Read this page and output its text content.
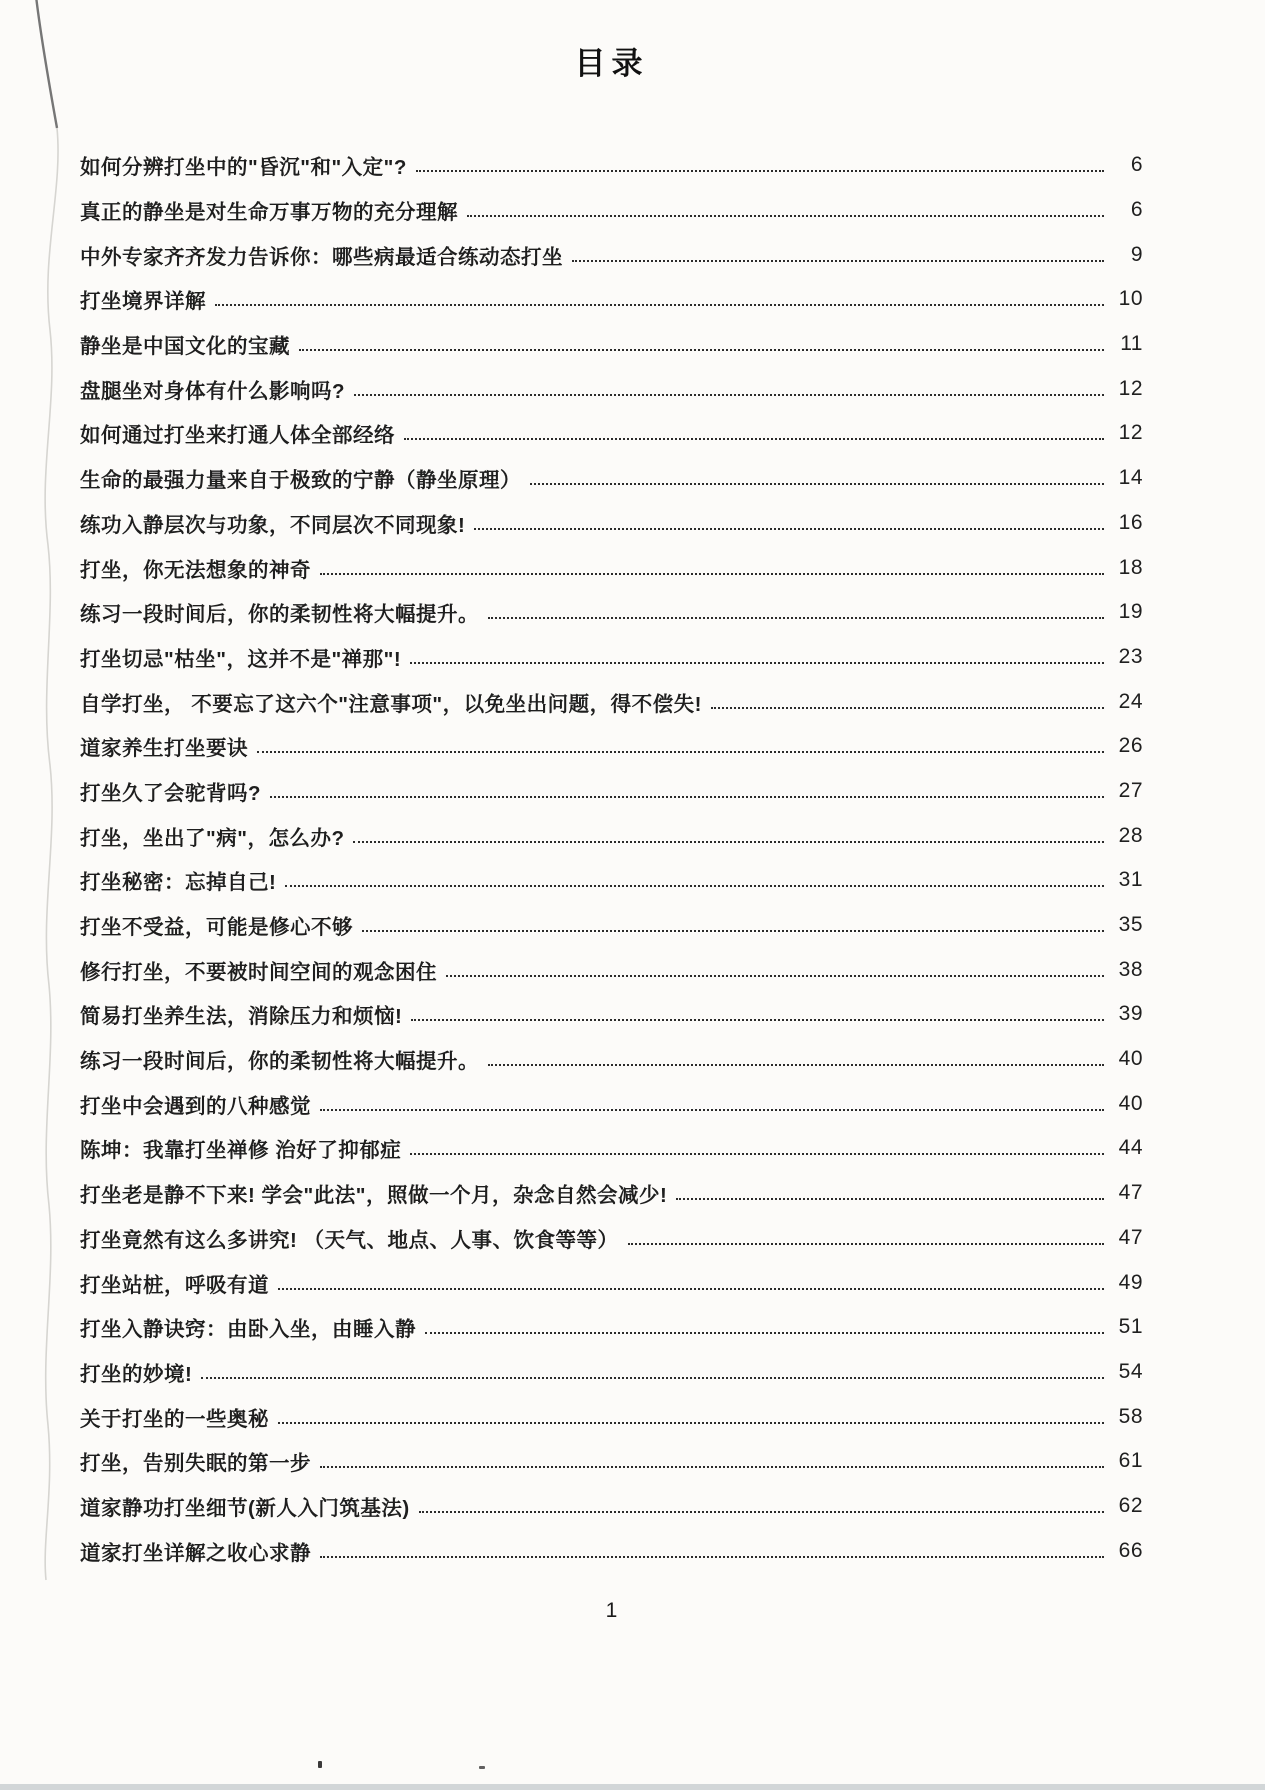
目录
如何分辨打坐中的"昏沉"和"入定"?	6
真正的静坐是对生命万事万物的充分理解	6
中外专家齐齐发力告诉你：哪些病最适合练动态打坐	9
打坐境界详解	10
静坐是中国文化的宝藏	11
盘腿坐对身体有什么影响吗?	12
如何通过打坐来打通人体全部经络	12
生命的最强力量来自于极致的宁静（静坐原理）	14
练功入静层次与功象，不同层次不同现象!	16
打坐，你无法想象的神奇	18
练习一段时间后，你的柔韧性将大幅提升。	19
打坐切忌"枯坐"，这并不是"禅那"!	23
自学打坐， 不要忘了这六个"注意事项"，以免坐出问题，得不偿失!	24
道家养生打坐要诀	26
打坐久了会驼背吗?	27
打坐，坐出了"病"，怎么办?	28
打坐秘密：忘掉自己!	31
打坐不受益，可能是修心不够	35
修行打坐，不要被时间空间的观念困住	38
简易打坐养生法，消除压力和烦恼!	39
练习一段时间后，你的柔韧性将大幅提升。	40
打坐中会遇到的八种感觉	40
陈坤：我靠打坐禅修 治好了抑郁症	44
打坐老是静不下来! 学会"此法"，照做一个月，杂念自然会减少!	47
打坐竟然有这么多讲究! （天气、地点、人事、饮食等等）	47
打坐站桩，呼吸有道	49
打坐入静诀窍：由卧入坐，由睡入静	51
打坐的妙境!	54
关于打坐的一些奥秘	58
打坐，告别失眠的第一步	61
道家静功打坐细节(新人入门筑基法)	62
道家打坐详解之收心求静	66
1
